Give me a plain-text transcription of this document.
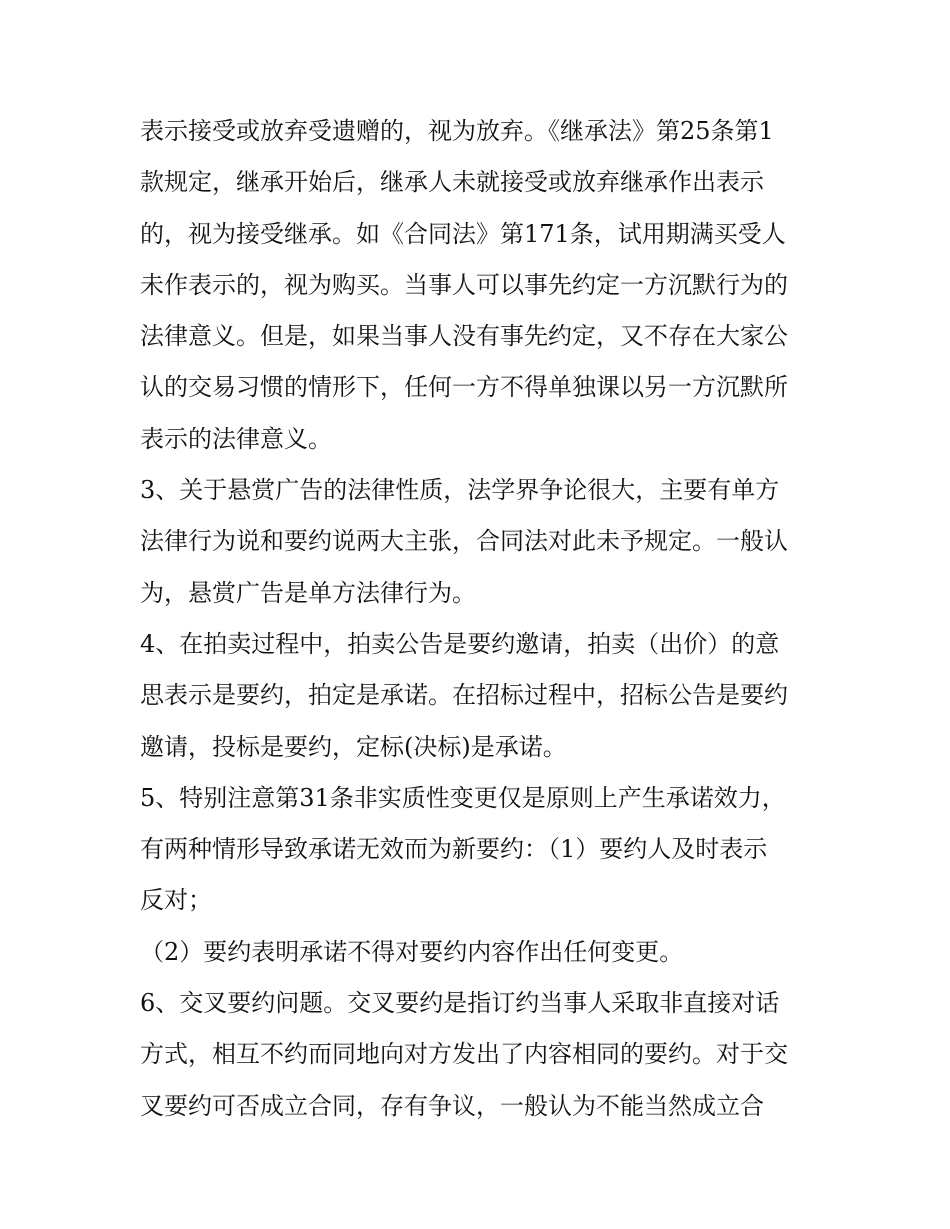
表示接受或放弃受遗赠的，视为放弃。《继承法》第25条第1
款规定，继承开始后，继承人未就接受或放弃继承作出表示
的，视为接受继承。如《合同法》第171条，试用期满买受人
未作表示的，视为购买。当事人可以事先约定一方沉默行为的
法律意义。但是，如果当事人没有事先约定，又不存在大家公
认的交易习惯的情形下，任何一方不得单独课以另一方沉默所
表示的法律意义。
3、关于悬赏广告的法律性质，法学界争论很大，主要有单方
法律行为说和要约说两大主张，合同法对此未予规定。一般认
为，悬赏广告是单方法律行为。
4、在拍卖过程中，拍卖公告是要约邀请，拍卖（出价）的意
思表示是要约，拍定是承诺。在招标过程中，招标公告是要约
邀请，投标是要约，定标(决标)是承诺。
5、特别注意第31条非实质性变更仅是原则上产生承诺效力，
有两种情形导致承诺无效而为新要约：（1）要约人及时表示
反对；
（2）要约表明承诺不得对要约内容作出任何变更。
6、交叉要约问题。交叉要约是指订约当事人采取非直接对话
方式，相互不约而同地向对方发出了内容相同的要约。对于交
叉要约可否成立合同，存有争议，一般认为不能当然成立合
